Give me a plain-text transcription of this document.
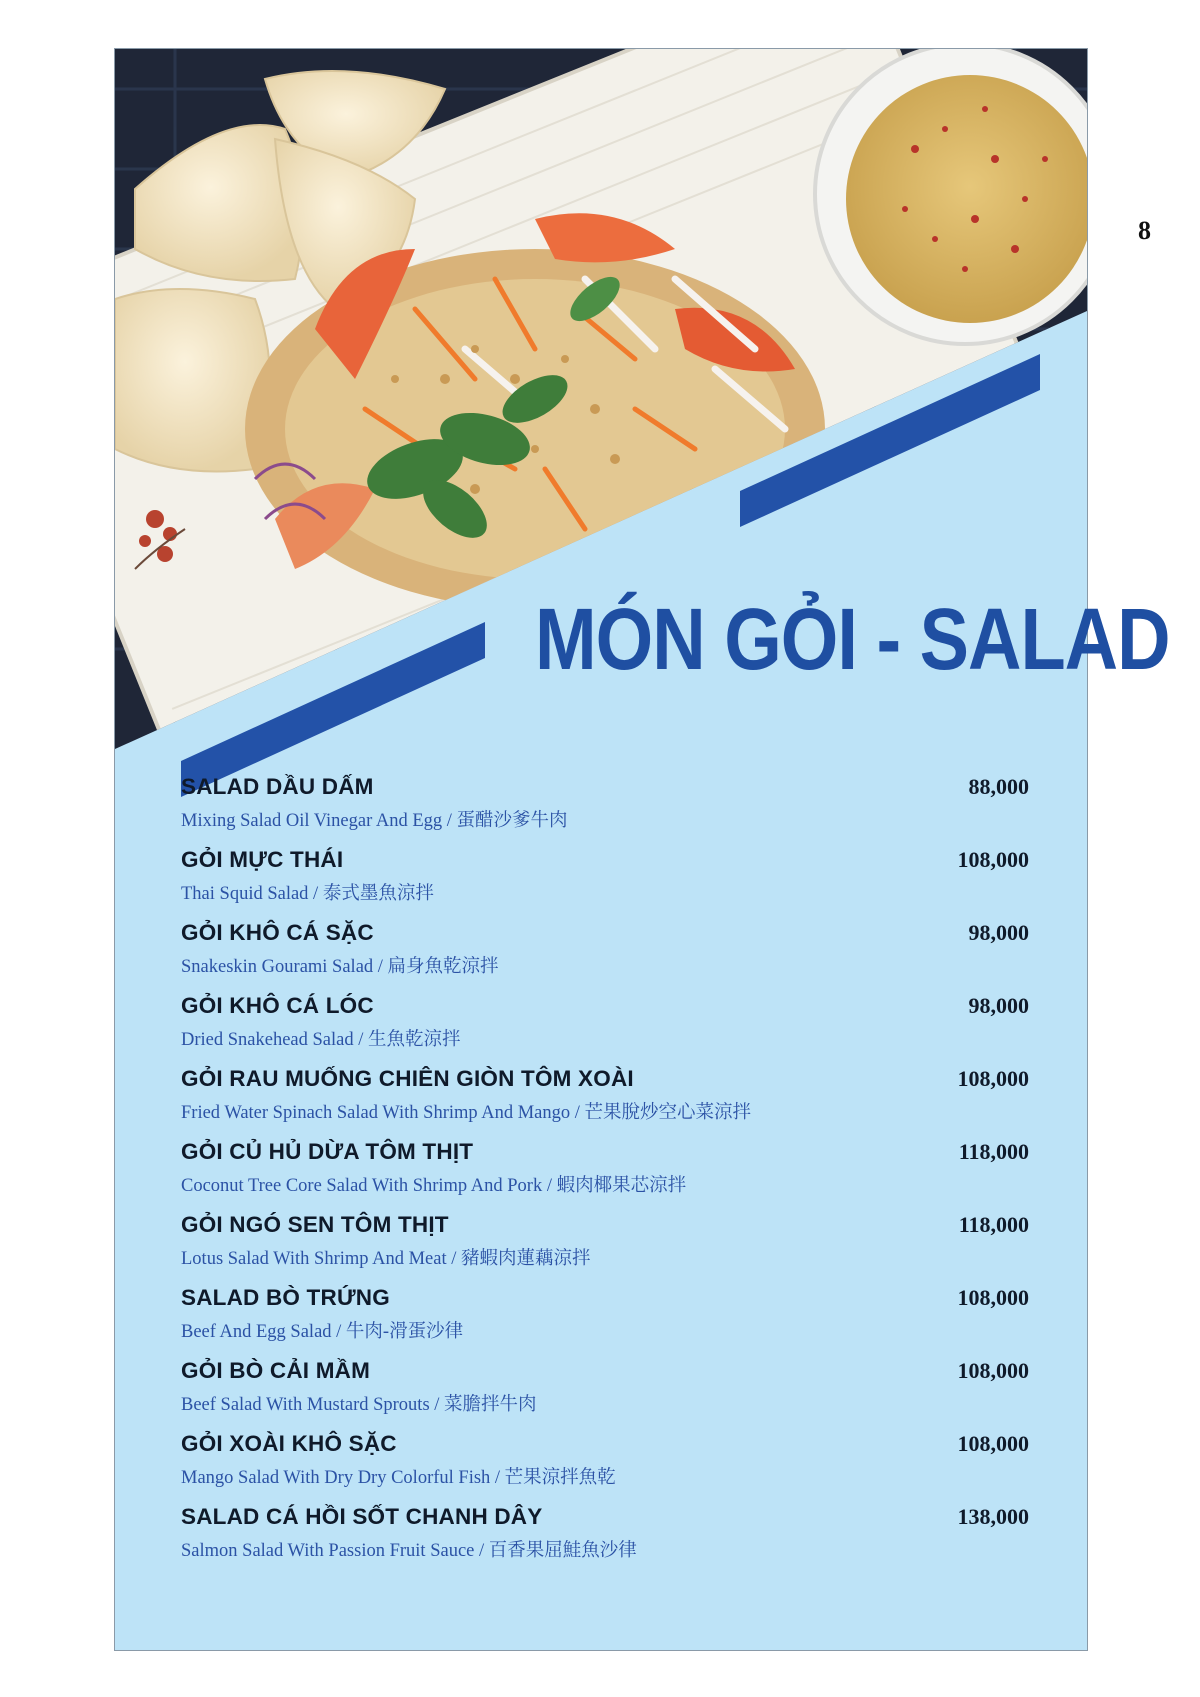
8
MÓN GỎI - SALAD
SALAD DẦU DẤM
Mixing Salad Oil Vinegar And Egg / 蛋醋沙爹牛肉
88,000
GỎI MỰC THÁI
Thai Squid Salad / 泰式墨魚涼拌
108,000
GỎI KHÔ CÁ SẶC
Snakeskin Gourami Salad / 扁身魚乾涼拌
98,000
GỎI KHÔ CÁ LÓC
Dried Snakehead Salad / 生魚乾涼拌
98,000
GỎI RAU MUỐNG CHIÊN GIÒN TÔM XOÀI
Fried Water Spinach Salad With Shrimp And Mango / 芒果脫炒空心菜涼拌
108,000
GỎI CỦ HỦ DỪA TÔM THỊT
Coconut Tree Core Salad With Shrimp And Pork / 蝦肉椰果芯涼拌
118,000
GỎI NGÓ SEN TÔM THỊT
Lotus Salad With Shrimp And Meat / 豬蝦肉蓮藕涼拌
118,000
SALAD BÒ TRỨNG
Beef And Egg Salad / 牛肉-滑蛋沙律
108,000
GỎI BÒ CẢI MẦM
Beef Salad With Mustard Sprouts / 菜膽拌牛肉
108,000
GỎI XOÀI KHÔ SẶC
Mango Salad With Dry Dry Colorful Fish / 芒果涼拌魚乾
108,000
SALAD CÁ HỒI SỐT CHANH DÂY
Salmon Salad With Passion Fruit Sauce / 百香果屈鮭魚沙律
138,000
